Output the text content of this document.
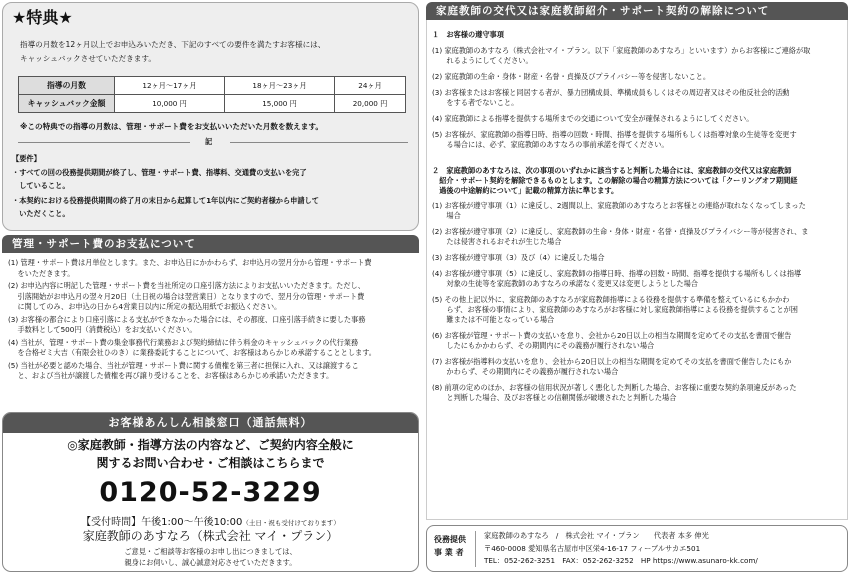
★特典★
指導の月数を12ヶ月以上でお申込みいただき、下記のすべての要件を満たすお客様には、
キャッシュバックさせていただきます。
指導の月数	12ヶ月〜17ヶ月	18ヶ月〜23ヶ月	24ヶ月
キャッシュバック金額	10,000 円	15,000 円	20,000 円
※この特典での指導の月数は、管理・サポート費をお支払いいただいた月数を数えます。
記
【要件】
・すべての回の役務提供期間が終了し、管理・サポート費、指導料、交通費の支払いを完了
　していること。
・本契約における役務提供期間の終了月の末日から起算して1年以内にご契約者様から申請して
　いただくこと。
管理・サポート費のお支払について
(1) 管理・サポート費は月単位とします。また、お申込日にかかわらず、お申込月の翌月分から管理・サポート費
　 をいただきます。
(2) お申込内容に明記した管理・サポート費を当社所定の口座引落方法によりお支払いいただきます。ただし、
　 引落開始がお申込月の翌々月20日（土日祝の場合は翌営業日）となりますので、翌月分の管理・サポート費
　 に関してのみ、お申込の日から4営業日以内に所定の振込用紙でお振込ください。
(3) お客様の都合により口座引落による支払ができなかった場合には、その都度、口座引落手続きに要した事務
　 手数料として500円（消費税込）をお支払いください。
(4) 当社が、管理・サポート費の集金事務代行業務および契約締結に伴う料金のキャッシュバックの代行業務
　 を合格ゼミ大吉（有限会社ひのき）に業務委託することについて、お客様はあらかじめ承諾することとします。
(5) 当社が必要と認めた場合、当社が管理・サポート費に関する債権を第三者に担保に入れ、又は譲渡するこ
　 と、および当社が譲渡した債権を再び譲り受けることを、お客様はあらかじめ承諾いただきます。
お客様あんしん相談窓口（通話無料）
◎家庭教師・指導方法の内容など、ご契約内容全般に
関するお問い合わせ・ご相談はこちらまで
0120-52-3229
【受付時間】午後1:00〜午後10:00（土日・祝も受付けております）
家庭教師のあすなろ（株式会社 マイ・プラン）
ご意見・ご相談等お客様のお申し出につきましては、
親身にお伺いし、誠心誠意対応させていただきます。
家庭教師の交代又は家庭教師紹介・サポート契約の解除について
１　お客様の遵守事項
(1) 家庭教師のあすなろ（株式会社マイ・プラン。以下「家庭教師のあすなろ」といいます）からお客様にご連絡が取
　　れるようにしてください。
(2) 家庭教師の生命・身体・財産・名誉・貞操及びプライバシー等を侵害しないこと。
(3) お客様またはお客様と同居する者が、暴力団構成員、準構成員もしくはその周辺者又はその他反社会的活動
　　をする者でないこと。
(4) 家庭教師による指導を提供する場所までの交通について安全が確保されるようにしてください。
(5) お客様が、家庭教師の指導日時、指導の回数・時間、指導を提供する場所もしくは指導対象の生徒等を変更す
　　る場合には、必ず、家庭教師のあすなろの事前承諾を得てください。
２　家庭教師のあすなろは、次の事項のいずれかに該当すると判断した場合には、家庭教師の交代又は家庭教師
　紹介・サポート契約を解除できるものとします。この解除の場合の精算方法については「クーリングオフ期間経
　過後の中途解約について」記載の精算方法に準じます。
(1) お客様が遵守事項（1）に違反し、2週間以上、家庭教師のあすなろとお客様との連絡が取れなくなってしまった
　　場合
(2) お客様が遵守事項（2）に違反し、家庭教師の生命・身体・財産・名誉・貞操及びプライバシー等が侵害され、ま
　　たは侵害されるおそれが生じた場合
(3) お客様が遵守事項（3）及び（4）に違反した場合
(4) お客様が遵守事項（5）に違反し、家庭教師の指導日時、指導の回数・時間、指導を提供する場所もしくは指導
　　対象の生徒等を家庭教師のあすなろの承諾なく変更又は変更しようとした場合
(5) その他上記以外に、家庭教師のあすなろが家庭教師指導による役務を提供する準備を整えているにもかかわ
　　らず、お客様の事情により、家庭教師のあすなろがお客様に対し家庭教師指導による役務を提供することが困
　　難または不可能となっている場合
(6) お客様が管理・サポート費の支払いを怠り、会社から20日以上の相当な期間を定めてその支払を書面で催告
　　したにもかかわらず、その期間内にその義務が履行されない場合
(7) お客様が指導料の支払いを怠り、会社から20日以上の相当な期間を定めてその支払を書面で催告したにもか
　　かわらず、その期間内にその義務が履行されない場合
(8) 前項の定めのほか、お客様の信用状況が著しく悪化した判断した場合、お客様に重要な契約条項違反があった
　　と判断した場合、及びお客様との信頼関係が破壊されたと判断した場合
役務提供
事 業 者
家庭教師のあすなろ　/　株式会社 マイ・プラン　　代表者 本多 伸光
〒460-0008 愛知県名古屋市中区栄4-16-17 フィーブルサカエ501
TEL：052-262-3251　FAX：052-262-3252　HP https://www.asunaro-kk.com/
